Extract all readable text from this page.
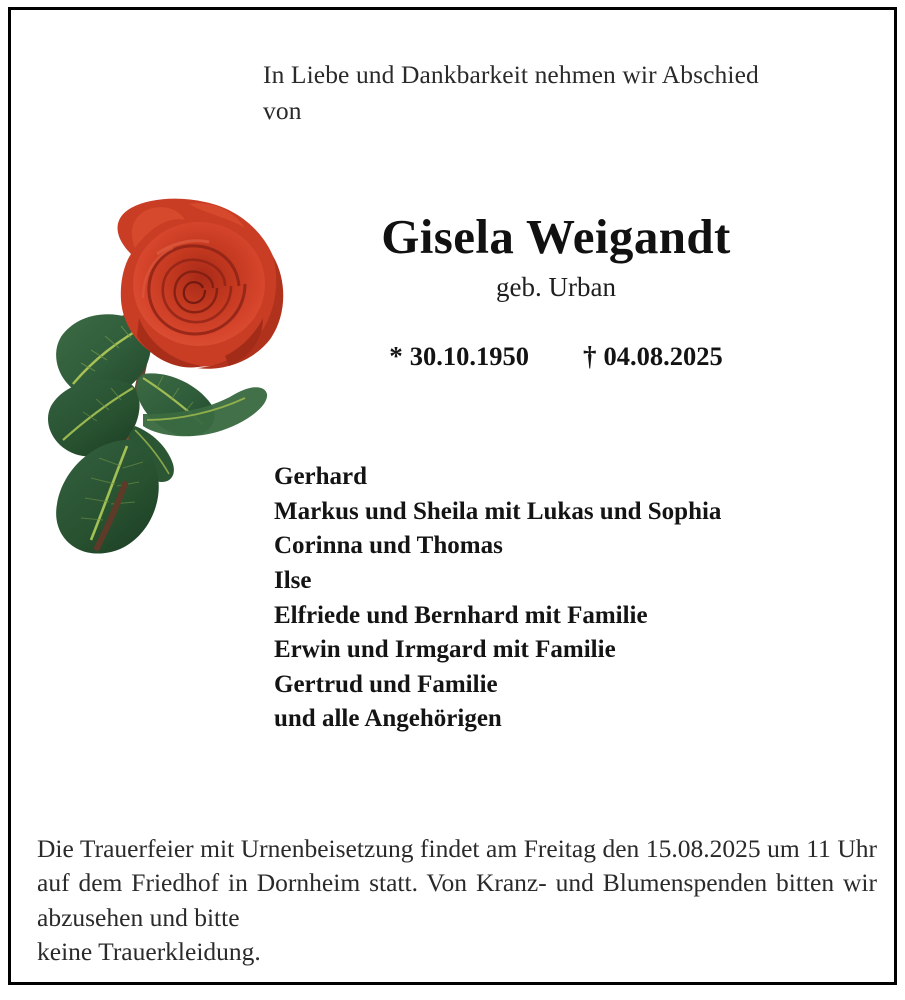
In Liebe und Dankbarkeit nehmen wir Abschied von
Gisela Weigandt
geb. Urban
* 30.10.1950 † 04.08.2025
Gerhard
Markus und Sheila mit Lukas und Sophia
Corinna und Thomas
Ilse
Elfriede und Bernhard mit Familie
Erwin und Irmgard mit Familie
Gertrud und Familie
und alle Angehörigen
Die Trauerfeier mit Urnenbeisetzung findet am Freitag den 15.08.2025 um 11 Uhr auf dem Friedhof in Dornheim statt. Von Kranz- und Blumenspenden bitten wir abzusehen und bitte
keine Trauerkleidung.
